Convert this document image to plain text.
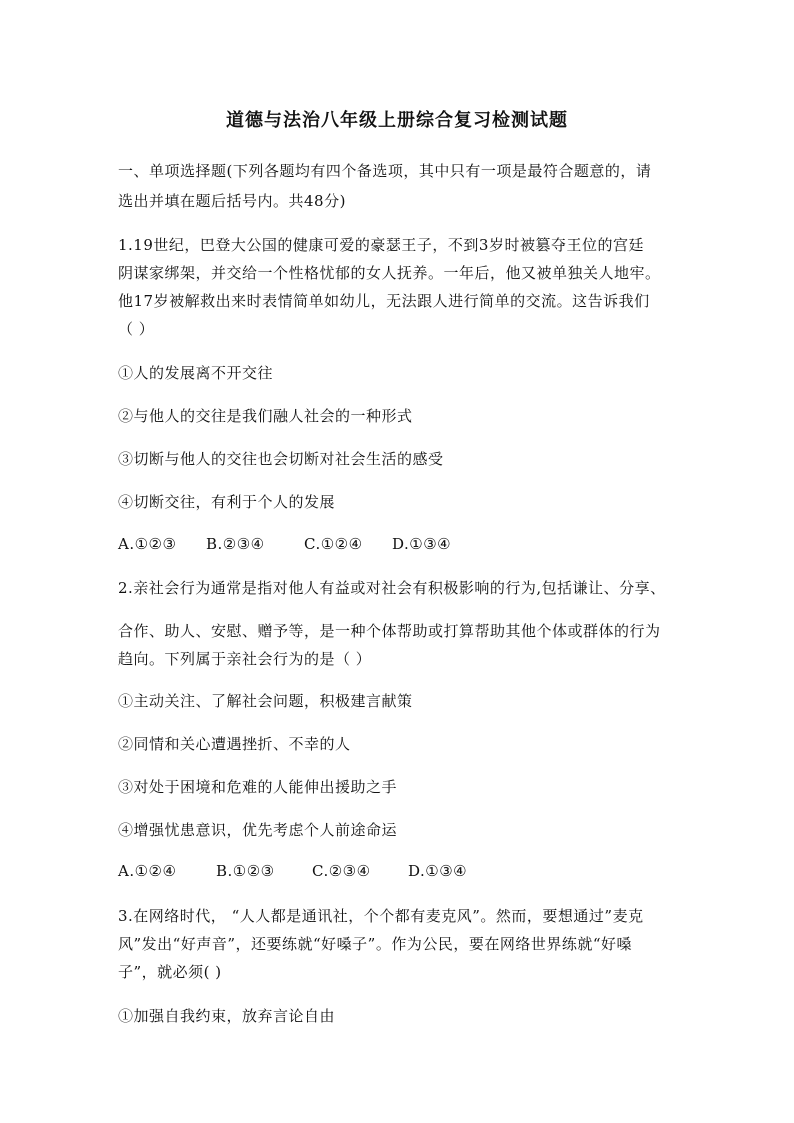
道德与法治八年级上册综合复习检测试题
一、单项选择题(下列各题均有四个备选项，其中只有一项是最符合题意的，请
选出并填在题后括号内。共48分)
1.19世纪，巴登大公国的健康可爱的豪瑟王子，不到3岁时被篡夺王位的宫廷
阴谋家绑架，并交给一个性格忧郁的女人抚养。一年后，他又被单独关人地牢。
他17岁被解救出来时表情简单如幼儿，无法跟人进行简单的交流。这告诉我们
（ ）
①人的发展离不开交往
②与他人的交往是我们融人社会的一种形式
③切断与他人的交往也会切断对社会生活的感受
④切断交往，有利于个人的发展
A.①②③ B.②③④	C.①②④ D.①③④
2.亲社会行为通常是指对他人有益或对社会有积极影响的行为,包括谦让、分享、
合作、助人、安慰、赠予等，是一种个体帮助或打算帮助其他个体或群体的行为
趋向。下列属于亲社会行为的是（ ）
①主动关注、了解社会问题，积极建言献策
②同情和关心遭遇挫折、不幸的人
③对处于困境和危难的人能伸出援助之手
④增强忧患意识，优先考虑个人前途命运
A.①②④	B.①②③ C.②③④ D.①③④
3.在网络时代， “人人都是通讯社，个个都有麦克风”。然而，要想通过”麦克
风”发出“好声音”，还要练就“好嗓子”。作为公民，要在网络世界练就“好嗓
子”，就必须( )
①加强自我约束，放弃言论自由
